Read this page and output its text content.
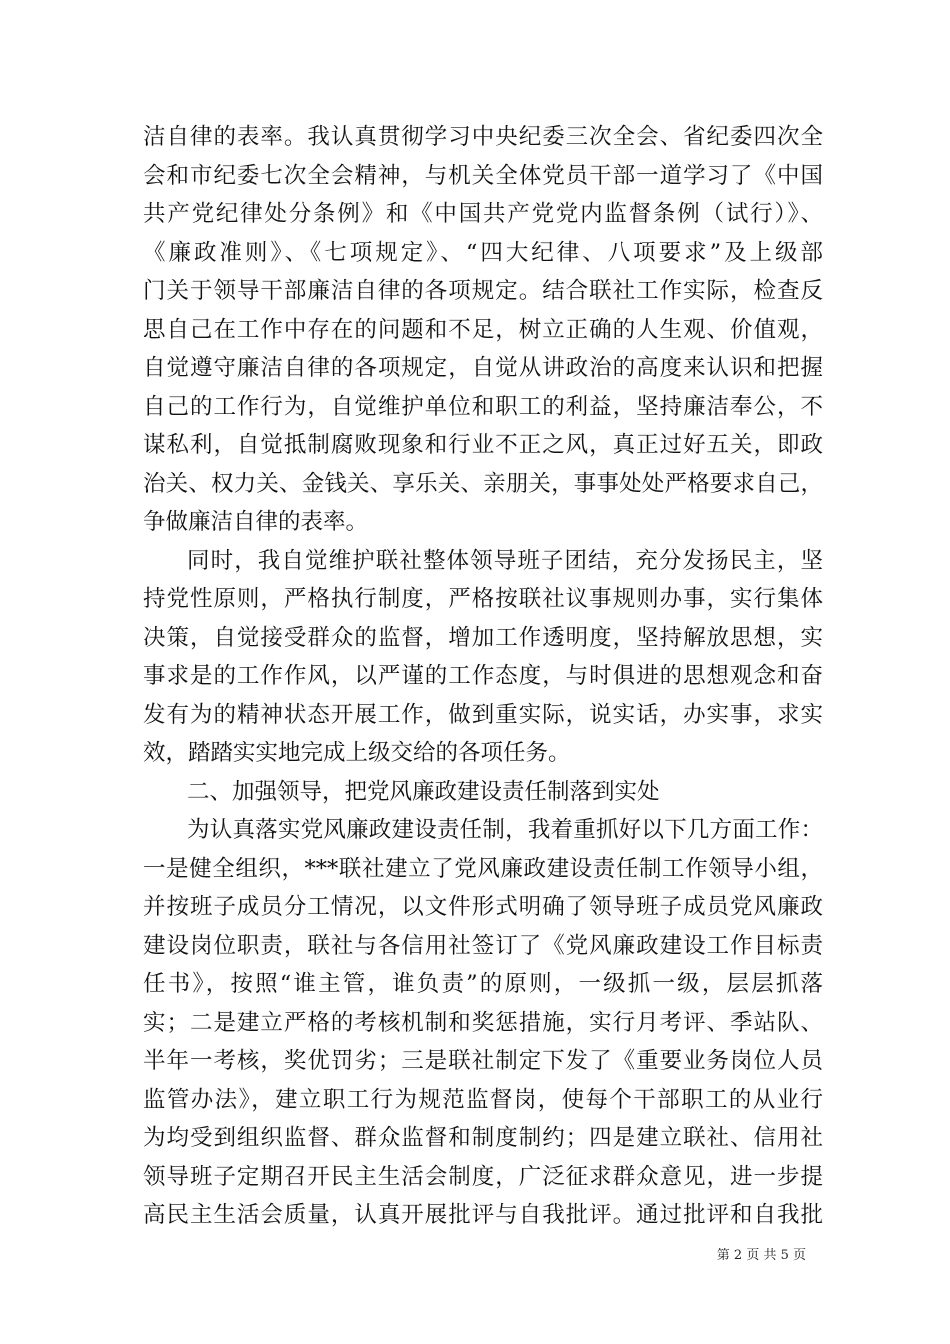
洁自律的表率。我认真贯彻学习中央纪委三次全会、省纪委四次全
会和市纪委七次全会精神，与机关全体党员干部一道学习了《中国
共产党纪律处分条例》和《中国共产党党内监督条例（试行）》、
《廉政准则》、《七项规定》、“四大纪律、八项要求”及上级部
门关于领导干部廉洁自律的各项规定。结合联社工作实际，检查反
思自己在工作中存在的问题和不足，树立正确的人生观、价值观，
自觉遵守廉洁自律的各项规定，自觉从讲政治的高度来认识和把握
自己的工作行为，自觉维护单位和职工的利益，坚持廉洁奉公，不
谋私利，自觉抵制腐败现象和行业不正之风，真正过好五关，即政
治关、权力关、金钱关、享乐关、亲朋关，事事处处严格要求自己，
争做廉洁自律的表率。
同时，我自觉维护联社整体领导班子团结，充分发扬民主，坚
持党性原则，严格执行制度，严格按联社议事规则办事，实行集体
决策，自觉接受群众的监督，增加工作透明度，坚持解放思想，实
事求是的工作作风，以严谨的工作态度，与时俱进的思想观念和奋
发有为的精神状态开展工作，做到重实际，说实话，办实事，求实
效，踏踏实实地完成上级交给的各项任务。
二、加强领导，把党风廉政建设责任制落到实处
为认真落实党风廉政建设责任制，我着重抓好以下几方面工作：
一是健全组织，***联社建立了党风廉政建设责任制工作领导小组，
并按班子成员分工情况，以文件形式明确了领导班子成员党风廉政
建设岗位职责，联社与各信用社签订了《党风廉政建设工作目标责
任书》，按照“谁主管，谁负责”的原则，一级抓一级，层层抓落
实；二是建立严格的考核机制和奖惩措施，实行月考评、季站队、
半年一考核，奖优罚劣；三是联社制定下发了《重要业务岗位人员
监管办法》，建立职工行为规范监督岗，使每个干部职工的从业行
为均受到组织监督、群众监督和制度制约；四是建立联社、信用社
领导班子定期召开民主生活会制度，广泛征求群众意见，进一步提
高民主生活会质量，认真开展批评与自我批评。通过批评和自我批
第 2 页 共 5 页
